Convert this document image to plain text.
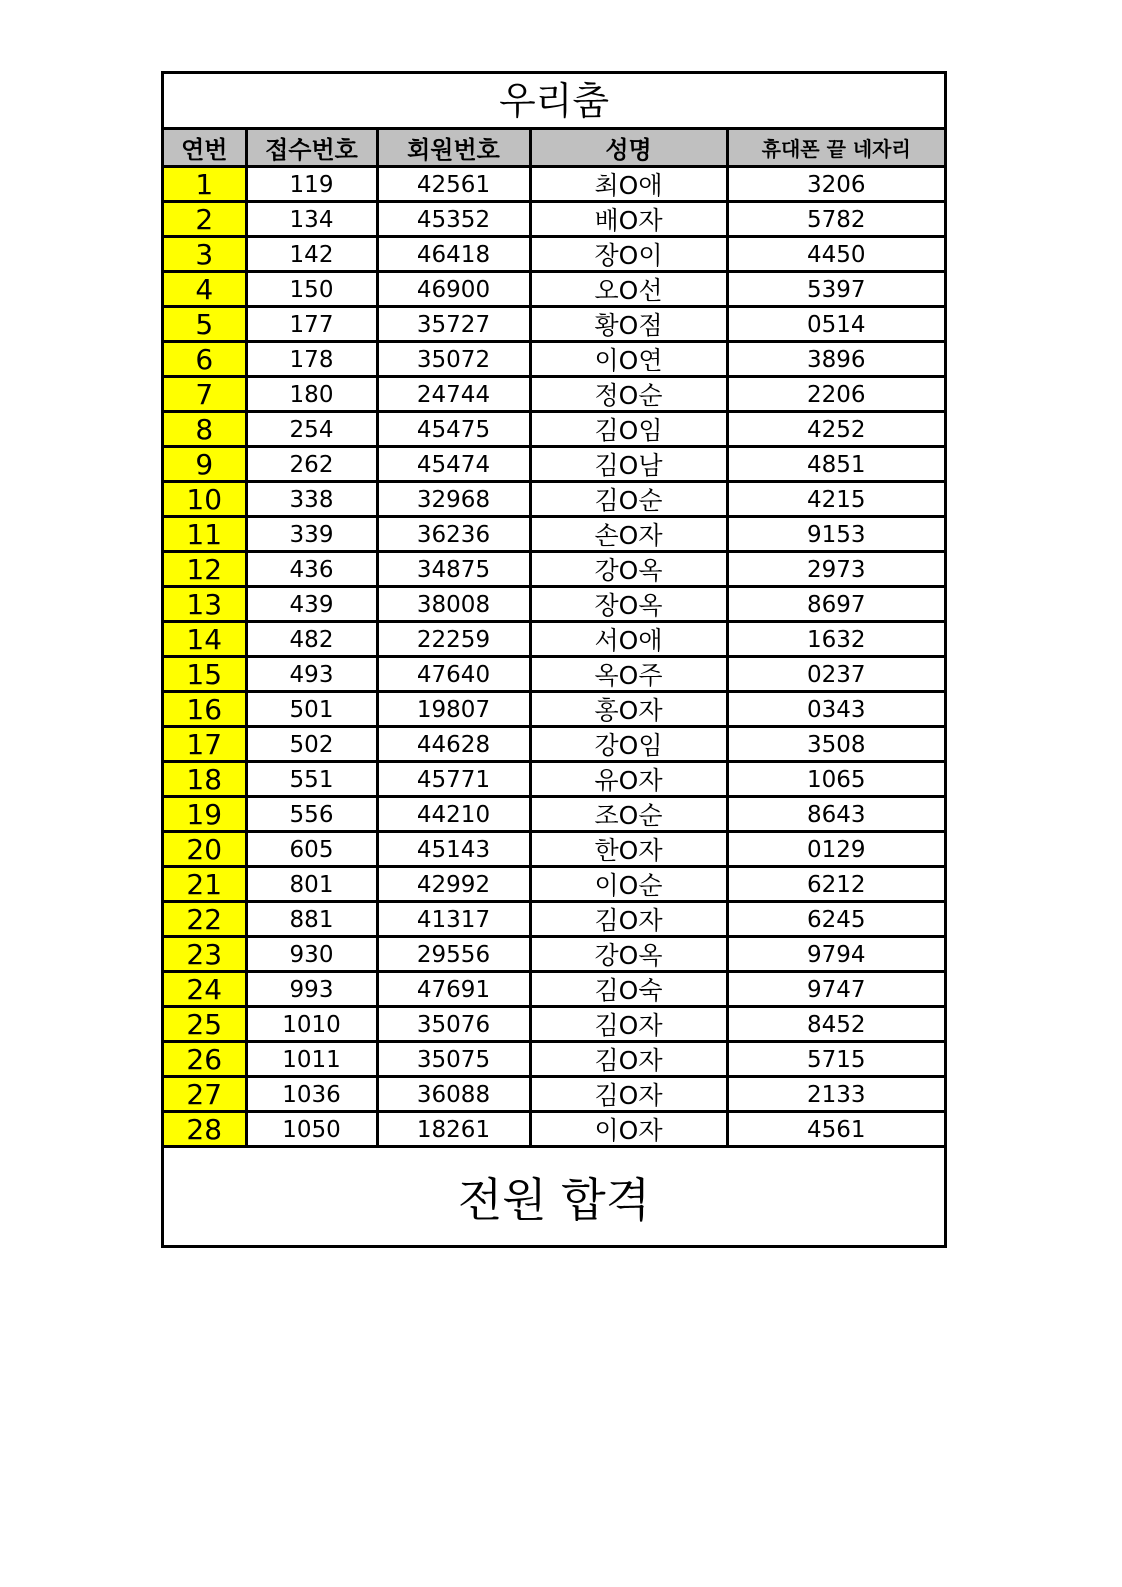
우리춤
연번	접수번호	회원번호	성명	휴대폰 끝 네자리
1	119	42561	최O애	3206
2	134	45352	배O자	5782
3	142	46418	장O이	4450
4	150	46900	오O선	5397
5	177	35727	황O점	0514
6	178	35072	이O연	3896
7	180	24744	정O순	2206
8	254	45475	김O임	4252
9	262	45474	김O남	4851
10	338	32968	김O순	4215
11	339	36236	손O자	9153
12	436	34875	강O옥	2973
13	439	38008	장O옥	8697
14	482	22259	서O애	1632
15	493	47640	옥O주	0237
16	501	19807	홍O자	0343
17	502	44628	강O임	3508
18	551	45771	유O자	1065
19	556	44210	조O순	8643
20	605	45143	한O자	0129
21	801	42992	이O순	6212
22	881	41317	김O자	6245
23	930	29556	강O옥	9794
24	993	47691	김O숙	9747
25	1010	35076	김O자	8452
26	1011	35075	김O자	5715
27	1036	36088	김O자	2133
28	1050	18261	이O자	4561
전원 합격
